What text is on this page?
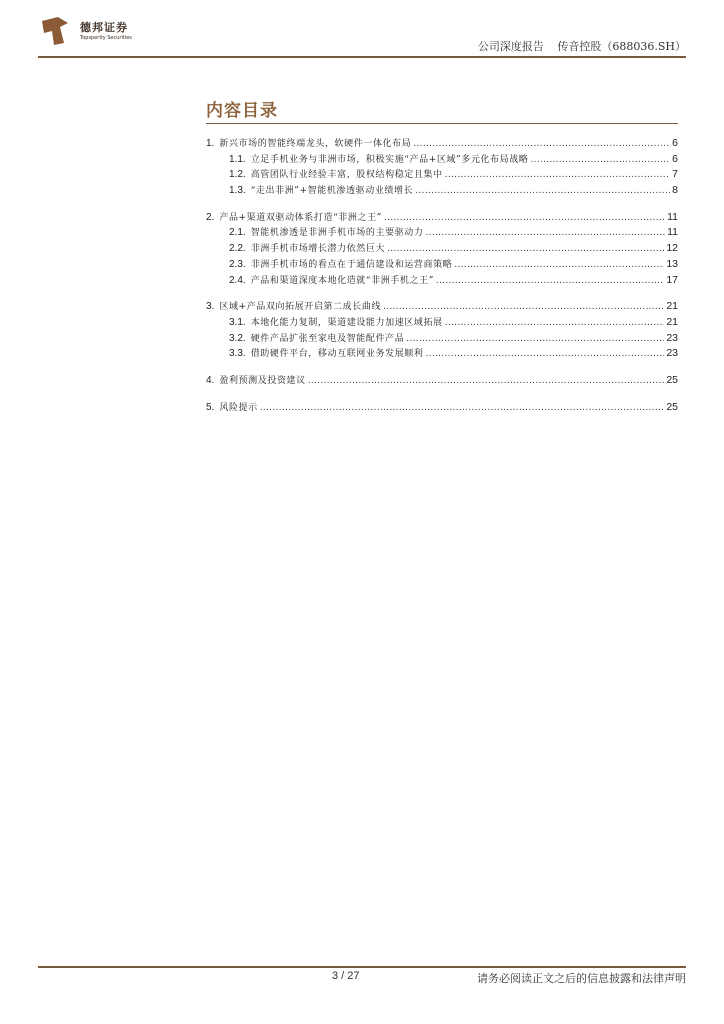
德邦证券
Topsperity Securities
公司深度报告 传音控股（688036.SH）
内容目录
1. 新兴市场的智能终端龙头，软硬件一体化布局 .....	6
1.1. 立足手机业务与非洲市场，积极实施“产品+区域”多元化布局战略 .....	6
1.2. 高管团队行业经验丰富，股权结构稳定且集中 .....	7
1.3. “走出非洲”+智能机渗透驱动业绩增长 .....	8
2. 产品+渠道双驱动体系打造“非洲之王” .....	11
2.1. 智能机渗透是非洲手机市场的主要驱动力 .....	11
2.2. 非洲手机市场增长潜力依然巨大 .....	12
2.3. 非洲手机市场的看点在于通信建设和运营商策略 .....	13
2.4. 产品和渠道深度本地化造就“非洲手机之王” .....	17
3. 区域+产品双向拓展开启第二成长曲线 .....	21
3.1. 本地化能力复制，渠道建设能力加速区域拓展 .....	21
3.2. 硬件产品扩张至家电及智能配件产品 .....	23
3.3. 借助硬件平台，移动互联网业务发展顺利 .....	23
4. 盈利预测及投资建议 .....	25
5. 风险提示 .....	25
3 / 27	请务必阅读正文之后的信息披露和法律声明
